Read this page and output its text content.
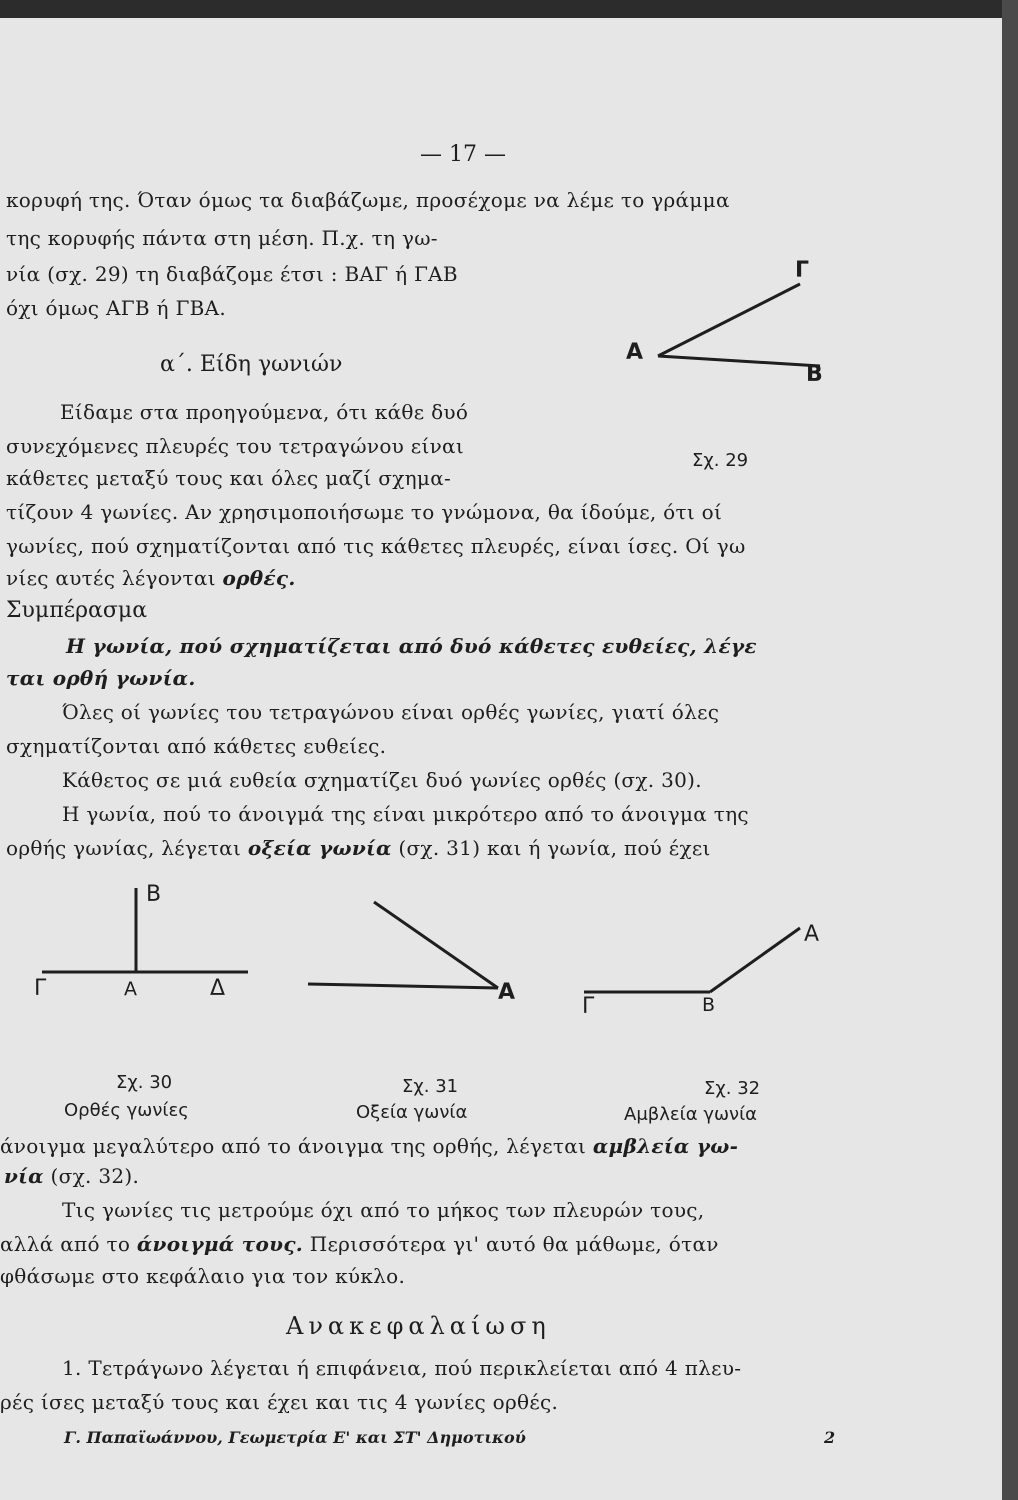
— 17 —
κορυφή της. Όταν όμως τα διαβάζωμε, προσέχομε να λέμε το γράμμα
της κορυφής πάντα στη μέση. Π.χ. τη γω-
νία (σχ. 29) τη διαβάζομε έτσι : ΒΑΓ ή ΓΑΒ
όχι όμως ΑΓΒ ή ΓΒΑ.
α΄. Είδη γωνιών
Είδαμε στα προηγούμενα, ότι κάθε δυό
συνεχόμενες πλευρές του τετραγώνου είναι
κάθετες μεταξύ τους και όλες μαζί σχημα-
Γ
Α
Β
Σχ. 29
τίζουν 4 γωνίες. Αν χρησιμοποιήσωμε το γνώμονα, θα ίδούμε, ότι οί
γωνίες, πού σχηματίζονται από τις κάθετες πλευρές, είναι ίσες. Οί γω
νίες αυτές λέγονται ορθές.
Συμπέρασμα
Η γωνία, πού σχηματίζεται από δυό κάθετες ευθείες, λέγε
ται ορθή γωνία.
Όλες οί γωνίες του τετραγώνου είναι ορθές γωνίες, γιατί όλες
σχηματίζονται από κάθετες ευθείες.
Κάθετος σε μιά ευθεία σχηματίζει δυό γωνίες ορθές (σχ. 30).
Η γωνία, πού το άνοιγμά της είναι μικρότερο από το άνοιγμα της
ορθής γωνίας, λέγεται οξεία γωνία (σχ. 31) και ή γωνία, πού έχει
Β
Γ	Α	Δ	Α
Α
Γ	Β
Σχ. 30
Ορθές γωνίες
Σχ. 31
Οξεία γωνία
Σχ. 32
Αμβλεία γωνία
άνοιγμα μεγαλύτερο από το άνοιγμα της ορθής, λέγεται αμβλεία γω-
νία (σχ. 32).
Τις γωνίες τις μετρούμε όχι από το μήκος των πλευρών τους,
αλλά από το άνοιγμά τους. Περισσότερα γι' αυτό θα μάθωμε, όταν
φθάσωμε στο κεφάλαιο για τον κύκλο.
Ανακεφαλαίωση
1. Τετράγωνο λέγεται ή επιφάνεια, πού περικλείεται από 4 πλευ-
ρές ίσες μεταξύ τους και έχει και τις 4 γωνίες ορθές.
Γ. Παπαϊωάννου, Γεωμετρία Ε' και ΣΤ' Δημοτικού	2
